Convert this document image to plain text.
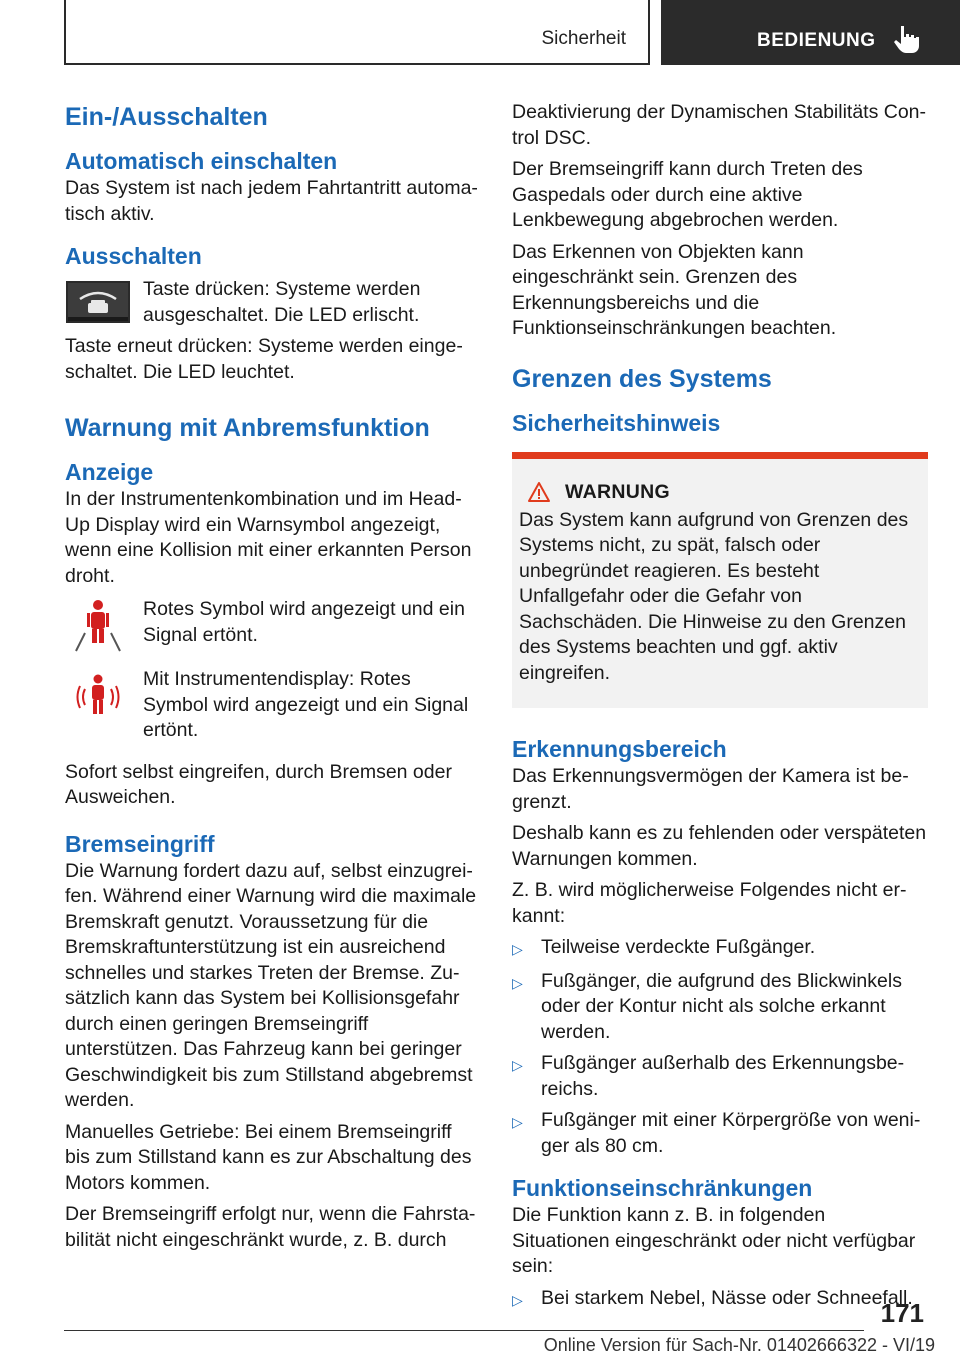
Sicherheit	BEDIENUNG
Ein-/Ausschalten
Automatisch einschalten

Das System ist nach jedem Fahrtantritt automatisch aktiv.

Ausschalten

Taste drücken: Systeme werden ausgeschaltet. Die LED erlischt.

Taste erneut drücken: Systeme werden eingeschaltet. Die LED leuchtet.

Warnung mit Anbremsfunktion
Anzeige

In der Instrumentenkombination und im Head-Up Display wird ein Warnsymbol angezeigt, wenn eine Kollision mit einer erkannten Person droht.

Rotes Symbol wird angezeigt und ein Signal ertönt.

Mit Instrumentendisplay: Rotes Symbol wird angezeigt und ein Signal ertönt.

Sofort selbst eingreifen, durch Bremsen oder Ausweichen.

Bremseingriff

Die Warnung fordert dazu auf, selbst einzugreifen. Während einer Warnung wird die maximale Bremskraft genutzt. Voraussetzung für die Bremskraftunterstützung ist ein ausreichend schnelles und starkes Treten der Bremse. Zusätzlich kann das System bei Kollisionsgefahr durch einen geringen Bremseingriff unterstützen. Das Fahrzeug kann bei geringer Geschwindigkeit bis zum Stillstand abgebremst werden.

Manuelles Getriebe: Bei einem Bremseingriff bis zum Stillstand kann es zur Abschaltung des Motors kommen.

Der Bremseingriff erfolgt nur, wenn die Fahrstabilität nicht eingeschränkt wurde, z. B. durch

Deaktivierung der Dynamischen Stabilitäts Control DSC.

Der Bremseingriff kann durch Treten des Gaspedals oder durch eine aktive Lenkbewegung abgebrochen werden.

Das Erkennen von Objekten kann eingeschränkt sein. Grenzen des Erkennungsbereichs und die Funktionseinschränkungen beachten.

Grenzen des Systems
Sicherheitshinweis
WARNUNG

Das System kann aufgrund von Grenzen des Systems nicht, zu spät, falsch oder unbegründet reagieren. Es besteht Unfallgefahr oder die Gefahr von Sachschäden. Die Hinweise zu den Grenzen des Systems beachten und ggf. aktiv eingreifen.

Erkennungsbereich

Das Erkennungsvermögen der Kamera ist begrenzt.

Deshalb kann es zu fehlenden oder verspäteten Warnungen kommen.

Z. B. wird möglicherweise Folgendes nicht erkannt:

▷ Teilweise verdeckte Fußgänger.
▷ Fußgänger, die aufgrund des Blickwinkels oder der Kontur nicht als solche erkannt werden.
▷ Fußgänger außerhalb des Erkennungsbereichs.
▷ Fußgänger mit einer Körpergröße von weniger als 80 cm.
Funktionseinschränkungen

Die Funktion kann z. B. in folgenden Situationen eingeschränkt oder nicht verfügbar sein:

▷ Bei starkem Nebel, Nässe oder Schneefall.
171
Online Version für Sach-Nr. 01402666322 - VI/19
